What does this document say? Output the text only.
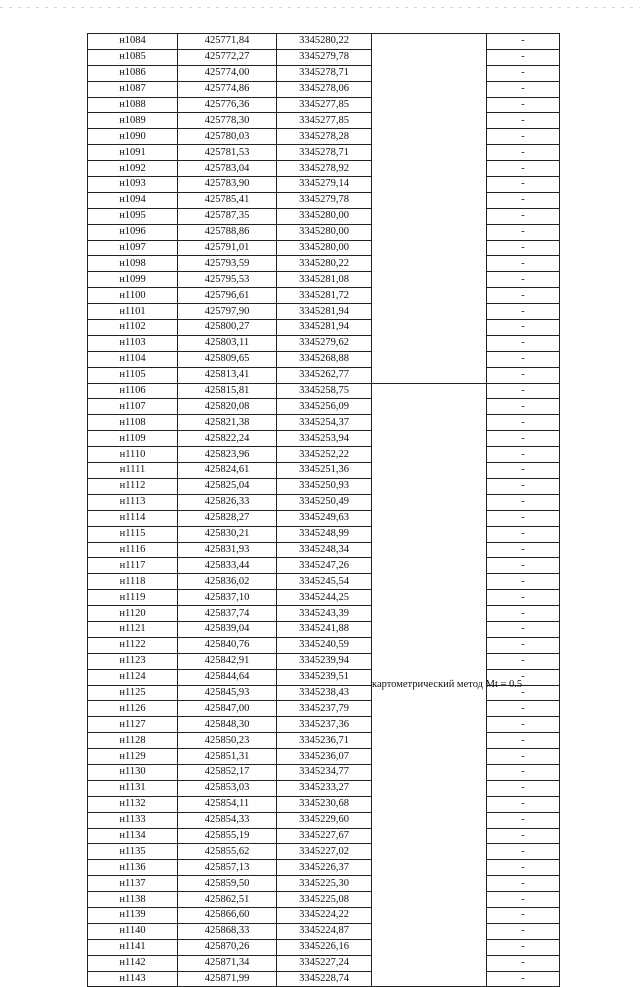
н1084	425771,84	3345280,22		-
н1085	425772,27	3345279,78		-
н1086	425774,00	3345278,71		-
н1087	425774,86	3345278,06		-
н1088	425776,36	3345277,85		-
н1089	425778,30	3345277,85		-
н1090	425780,03	3345278,28		-
н1091	425781,53	3345278,71		-
н1092	425783,04	3345278,92		-
н1093	425783,90	3345279,14		-
н1094	425785,41	3345279,78		-
н1095	425787,35	3345280,00		-
н1096	425788,86	3345280,00		-
н1097	425791,01	3345280,00		-
н1098	425793,59	3345280,22		-
н1099	425795,53	3345281,08		-
н1100	425796,61	3345281,72		-
н1101	425797,90	3345281,94		-
н1102	425800,27	3345281,94		-
н1103	425803,11	3345279,62		-
н1104	425809,65	3345268,88		-
н1105	425813,41	3345262,77		-
н1106	425815,81	3345258,75	картометрический метод Mt = 0.5	-
н1107	425820,08	3345256,09		-
н1108	425821,38	3345254,37		-
н1109	425822,24	3345253,94		-
н1110	425823,96	3345252,22		-
н1111	425824,61	3345251,36		-
н1112	425825,04	3345250,93		-
н1113	425826,33	3345250,49		-
н1114	425828,27	3345249,63		-
н1115	425830,21	3345248,99		-
н1116	425831,93	3345248,34		-
н1117	425833,44	3345247,26		-
н1118	425836,02	3345245,54		-
н1119	425837,10	3345244,25		-
н1120	425837,74	3345243,39		-
н1121	425839,04	3345241,88		-
н1122	425840,76	3345240,59		-
н1123	425842,91	3345239,94		-
н1124	425844,64	3345239,51		-
н1125	425845,93	3345238,43		-
н1126	425847,00	3345237,79		-
н1127	425848,30	3345237,36		-
н1128	425850,23	3345236,71		-
н1129	425851,31	3345236,07		-
н1130	425852,17	3345234,77		-
н1131	425853,03	3345233,27		-
н1132	425854,11	3345230,68		-
н1133	425854,33	3345229,60		-
н1134	425855,19	3345227,67		-
н1135	425855,62	3345227,02		-
н1136	425857,13	3345226,37		-
н1137	425859,50	3345225,30		-
н1138	425862,51	3345225,08		-
н1139	425866,60	3345224,22		-
н1140	425868,33	3345224,87		-
н1141	425870,26	3345226,16		-
н1142	425871,34	3345227,24		-
н1143	425871,99	3345228,74		-
